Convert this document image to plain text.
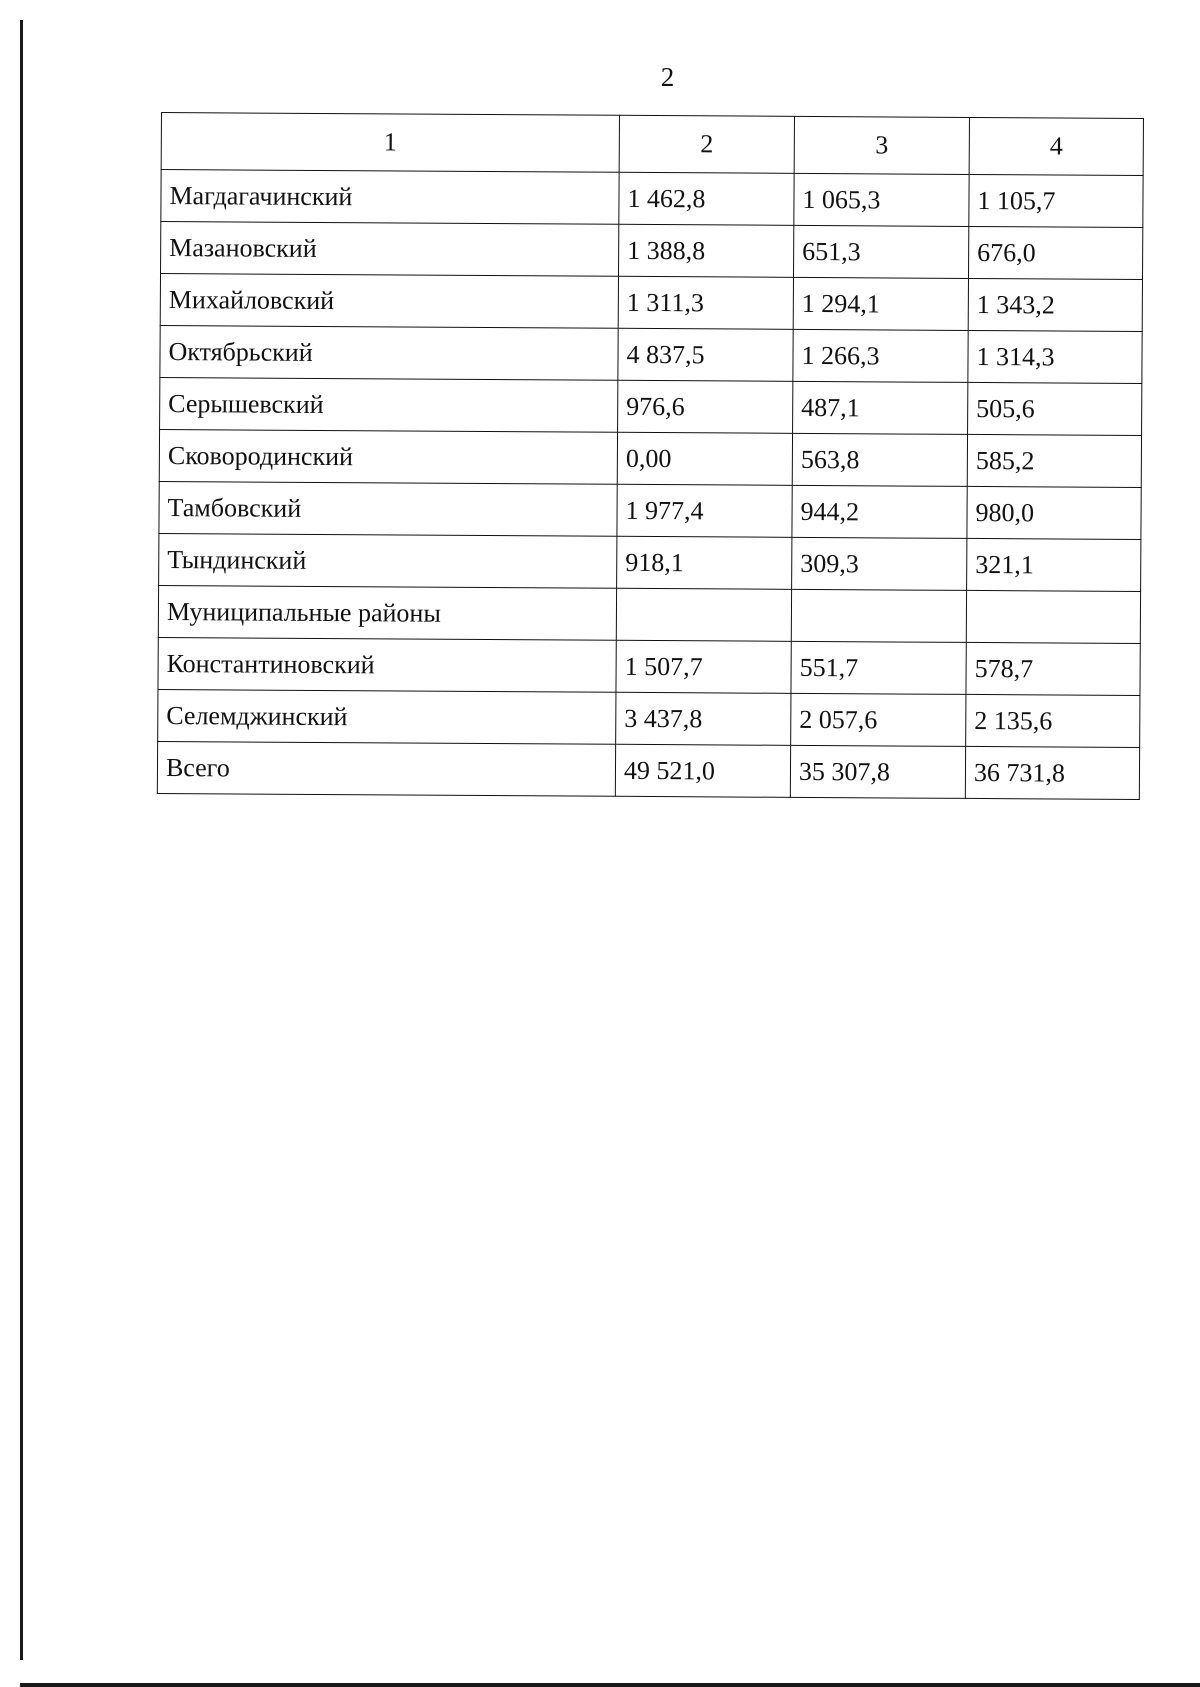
2
1	2	3	4
Магдагачинский	1 462,8	1 065,3	1 105,7
Мазановский	1 388,8	651,3	676,0
Михайловский	1 311,3	1 294,1	1 343,2
Октябрьский	4 837,5	1 266,3	1 314,3
Серышевский	976,6	487,1	505,6
Сковородинский	0,00	563,8	585,2
Тамбовский	1 977,4	944,2	980,0
Тындинский	918,1	309,3	321,1
Муниципальные районы			
Константиновский	1 507,7	551,7	578,7
Селемджинский	3 437,8	2 057,6	2 135,6
Всего	49 521,0	35 307,8	36 731,8
